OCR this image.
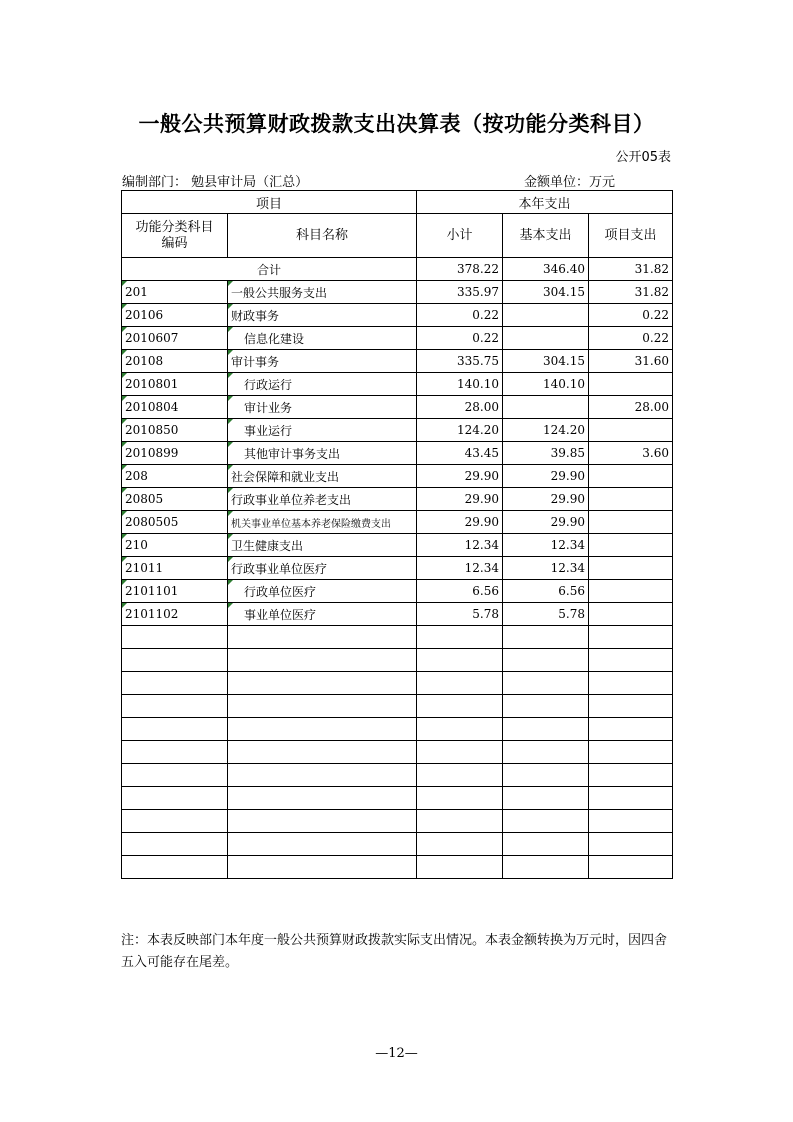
一般公共预算财政拨款支出决算表（按功能分类科目）
公开05表
编制部门： 勉县审计局（汇总）	金额单位：万元
项目		本年支出		
功能分类科目编码	科目名称	小计	基本支出	项目支出
合计		378.22	346.40	31.82
201	一般公共服务支出	335.97	304.15	31.82
20106	财政事务	0.22		0.22
2010607	信息化建设	0.22		0.22
20108	审计事务	335.75	304.15	31.60
2010801	行政运行	140.10	140.10	
2010804	审计业务	28.00		28.00
2010850	事业运行	124.20	124.20	
2010899	其他审计事务支出	43.45	39.85	3.60
208	社会保障和就业支出	29.90	29.90	
20805	行政事业单位养老支出	29.90	29.90	
2080505	机关事业单位基本养老保险缴费支出	29.90	29.90	
210	卫生健康支出	12.34	12.34	
21011	行政事业单位医疗	12.34	12.34	
2101101	行政单位医疗	6.56	6.56	
2101102	事业单位医疗	5.78	5.78	

注：本表反映部门本年度一般公共预算财政拨款实际支出情况。本表金额转换为万元时，因四舍五入可能存在尾差。
—12—
